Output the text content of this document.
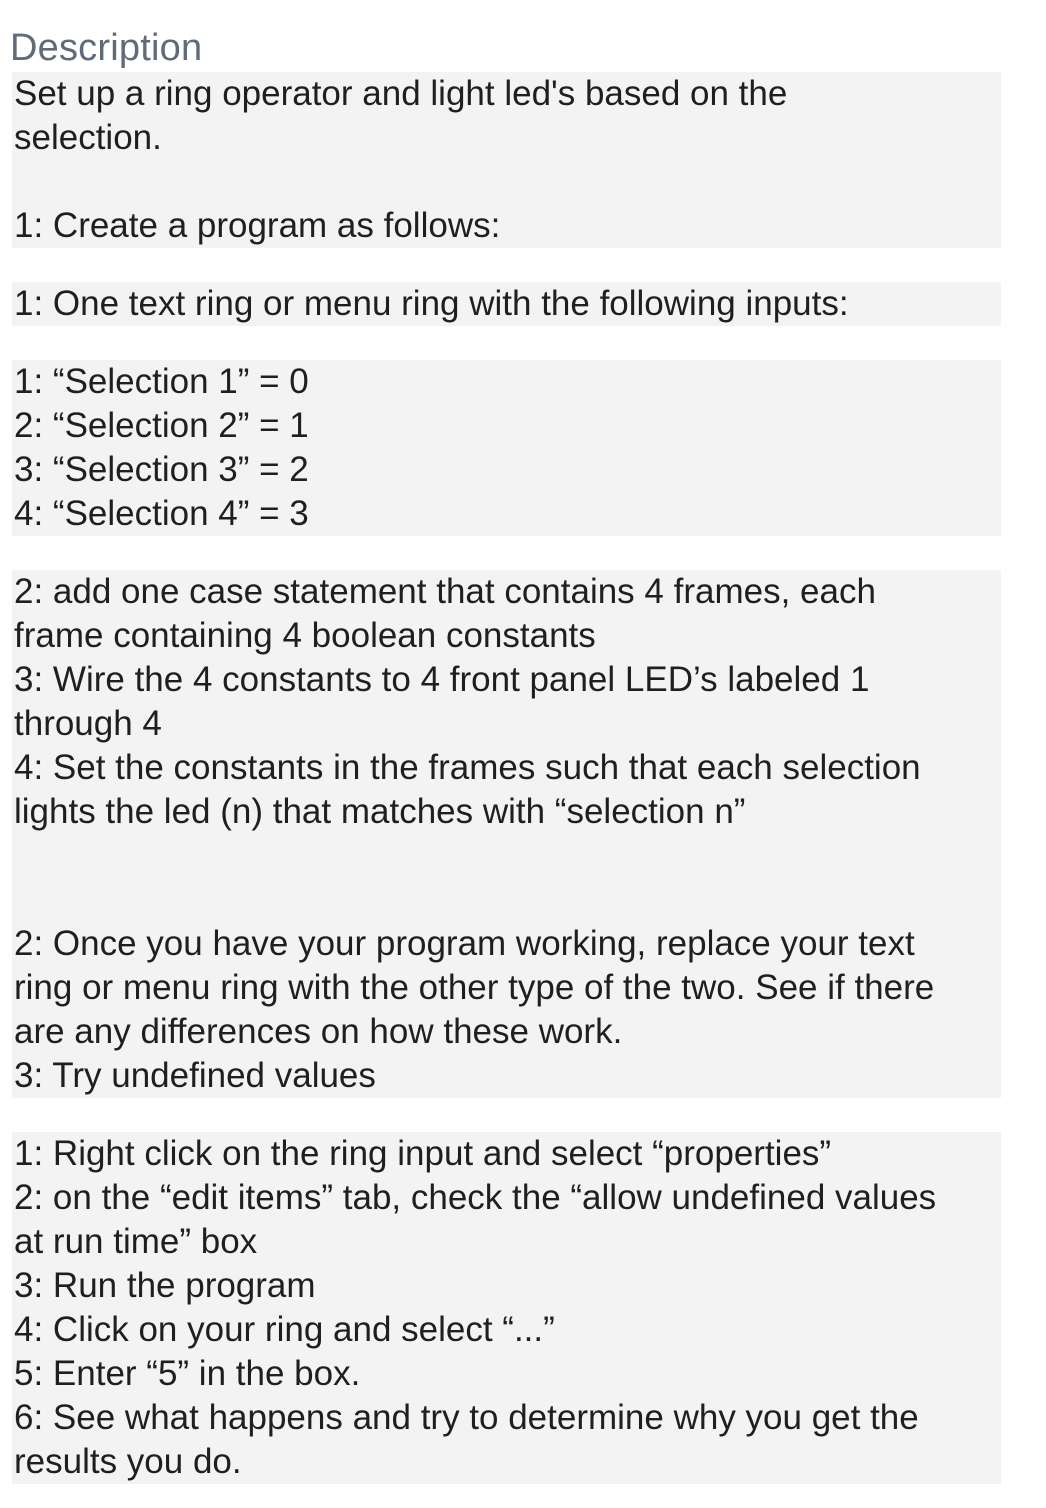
Description
Set up a ring operator and light led's based on the
selection.
1: Create a program as follows:
1: One text ring or menu ring with the following inputs:
1: “Selection 1” = 0
2: “Selection 2” = 1
3: “Selection 3” = 2
4: “Selection 4” = 3
2: add one case statement that contains 4 frames, each
frame containing 4 boolean constants
3: Wire the 4 constants to 4 front panel LED’s labeled 1
through 4
4: Set the constants in the frames such that each selection
lights the led (n) that matches with “selection n”
2: Once you have your program working, replace your text
ring or menu ring with the other type of the two. See if there
are any differences on how these work.
3: Try undefined values
1: Right click on the ring input and select “properties”
2: on the “edit items” tab, check the “allow undefined values
at run time” box
3: Run the program
4: Click on your ring and select “...”
5: Enter “5” in the box.
6: See what happens and try to determine why you get the
results you do.
